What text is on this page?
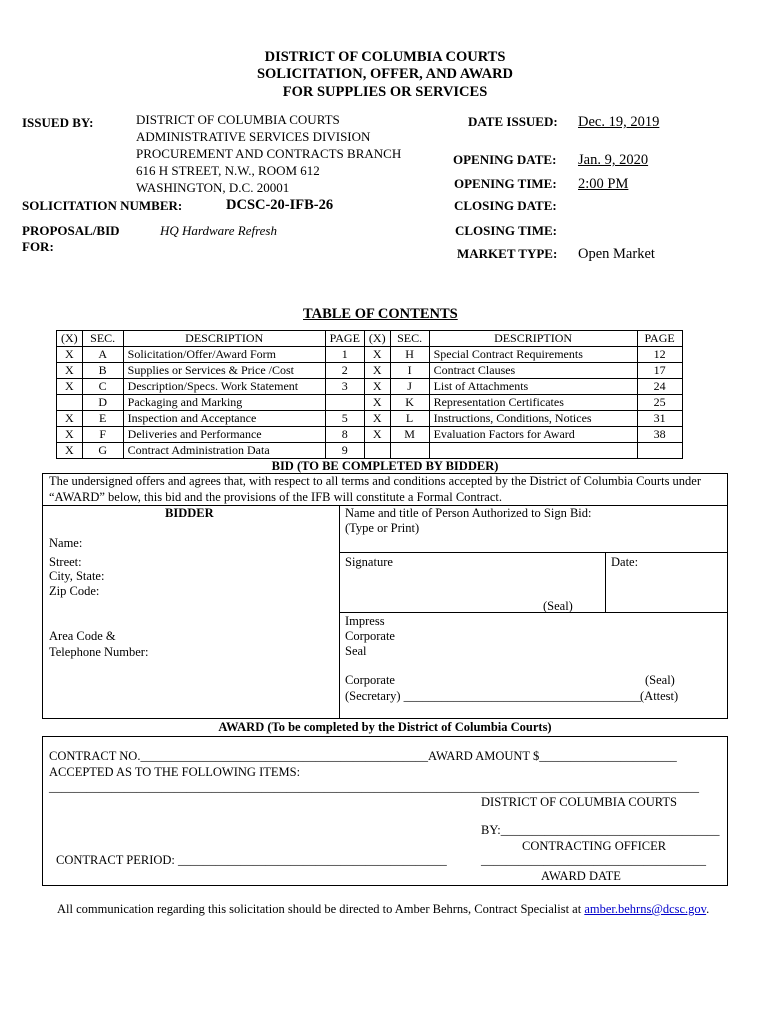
DISTRICT OF COLUMBIA COURTS
SOLICITATION, OFFER, AND AWARD
FOR SUPPLIES OR SERVICES
ISSUED BY:	DISTRICT OF COLUMBIA COURTS
ADMINISTRATIVE SERVICES DIVISION
PROCUREMENT AND CONTRACTS BRANCH
616 H STREET, N.W., ROOM 612
WASHINGTON, D.C. 20001
SOLICITATION NUMBER:	DCSC-20-IFB-26
PROPOSAL/BID
FOR:
HQ Hardware Refresh
DATE ISSUED: Dec. 19, 2019
OPENING DATE: Jan. 9, 2020
OPENING TIME: 2:00 PM
CLOSING DATE:
CLOSING TIME:
MARKET TYPE: Open Market
TABLE OF CONTENTS
(X)	SEC.	DESCRIPTION	PAGE	(X)	SEC.	DESCRIPTION	PAGE
X	A	Solicitation/Offer/Award Form	1	X	H	Special Contract Requirements	12
X	B	Supplies or Services & Price /Cost	2	X	I	Contract Clauses	17
X	C	Description/Specs. Work Statement	3	X	J	List of Attachments	24
	D	Packaging and Marking		X	K	Representation Certificates	25
X	E	Inspection and Acceptance	5	X	L	Instructions, Conditions, Notices	31
X	F	Deliveries and Performance	8	X	M	Evaluation Factors for Award	38
X	G	Contract Administration Data	9				
BID (TO BE COMPLETED BY BIDDER)
The undersigned offers and agrees that, with respect to all terms and conditions accepted by the District of Columbia Courts under
“AWARD” below, this bid and the provisions of the IFB will constitute a Formal Contract.
BIDDER	Name and title of Person Authorized to Sign Bid:
(Type or Print)
Name:
Street:
City, State:
Zip Code:
Signature	Date:
(Seal)
Impress
Corporate
Seal
Area Code &
Telephone Number:
Corporate	(Seal)
(Secretary) ______________________________________
(Attest)
AWARD (To be completed by the District of Columbia Courts)
CONTRACT NO.______________________________________________AWARD AMOUNT $______________________
ACCEPTED AS TO THE FOLLOWING ITEMS:
________________________________________________________________________________________________________
DISTRICT OF COLUMBIA COURTS
BY:___________________________________
CONTRACTING OFFICER
CONTRACT PERIOD: ___________________________________________	____________________________________
AWARD DATE
All communication regarding this solicitation should be directed to Amber Behrns, Contract Specialist at amber.behrns@dcsc.gov.
